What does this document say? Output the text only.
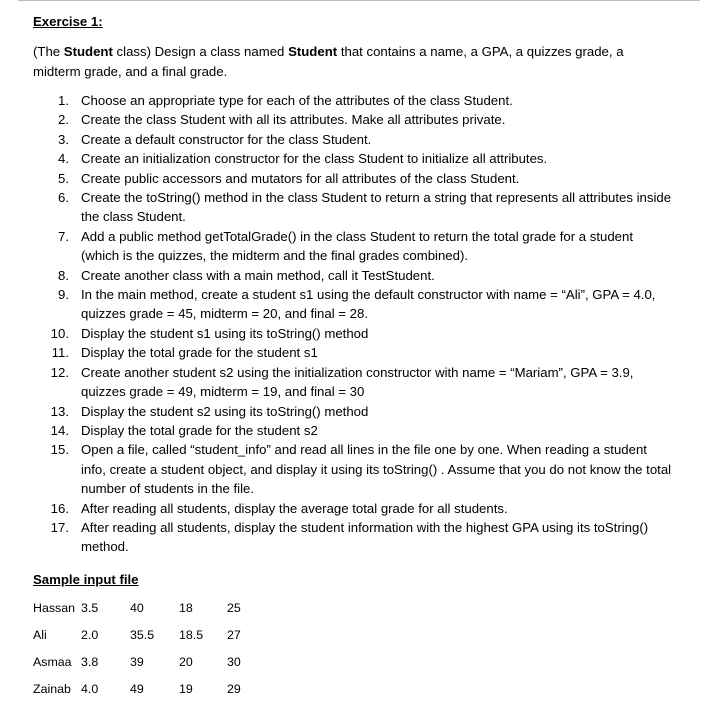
Exercise 1:
(The Student class) Design a class named Student that contains a name, a GPA, a quizzes grade, a midterm grade, and a final grade.
1. Choose an appropriate type for each of the attributes of the class Student.
2. Create the class Student with all its attributes. Make all attributes private.
3. Create a default constructor for the class Student.
4. Create an initialization constructor for the class Student to initialize all attributes.
5. Create public accessors and mutators for all attributes of the class Student.
6. Create the toString() method in the class Student to return a string that represents all attributes inside the class Student.
7. Add a public method getTotalGrade() in the class Student to return the total grade for a student (which is the quizzes, the midterm and the final grades combined).
8. Create another class with a main method, call it TestStudent.
9. In the main method, create a student s1 using the default constructor with name = “Ali”, GPA = 4.0, quizzes grade = 45, midterm = 20, and final = 28.
10. Display the student s1 using its toString() method
11. Display the total grade for the student s1
12. Create another student s2 using the initialization constructor with name = “Mariam”, GPA = 3.9, quizzes grade = 49, midterm = 19, and final = 30
13. Display the student s2 using its toString() method
14. Display the total grade for the student s2
15. Open a file, called “student_info” and read all lines in the file one by one. When reading a student info, create a student object, and display it using its toString() . Assume that you do not know the total number of students in the file.
16. After reading all students, display the average total grade for all students.
17. After reading all students, display the student information with the highest GPA using its toString() method.
Sample input file
Hassan	3.5	40	18	25
Ali	2.0	35.5	18.5	27
Asmaa	3.8	39	20	30
Zainab	4.0	49	19	29
